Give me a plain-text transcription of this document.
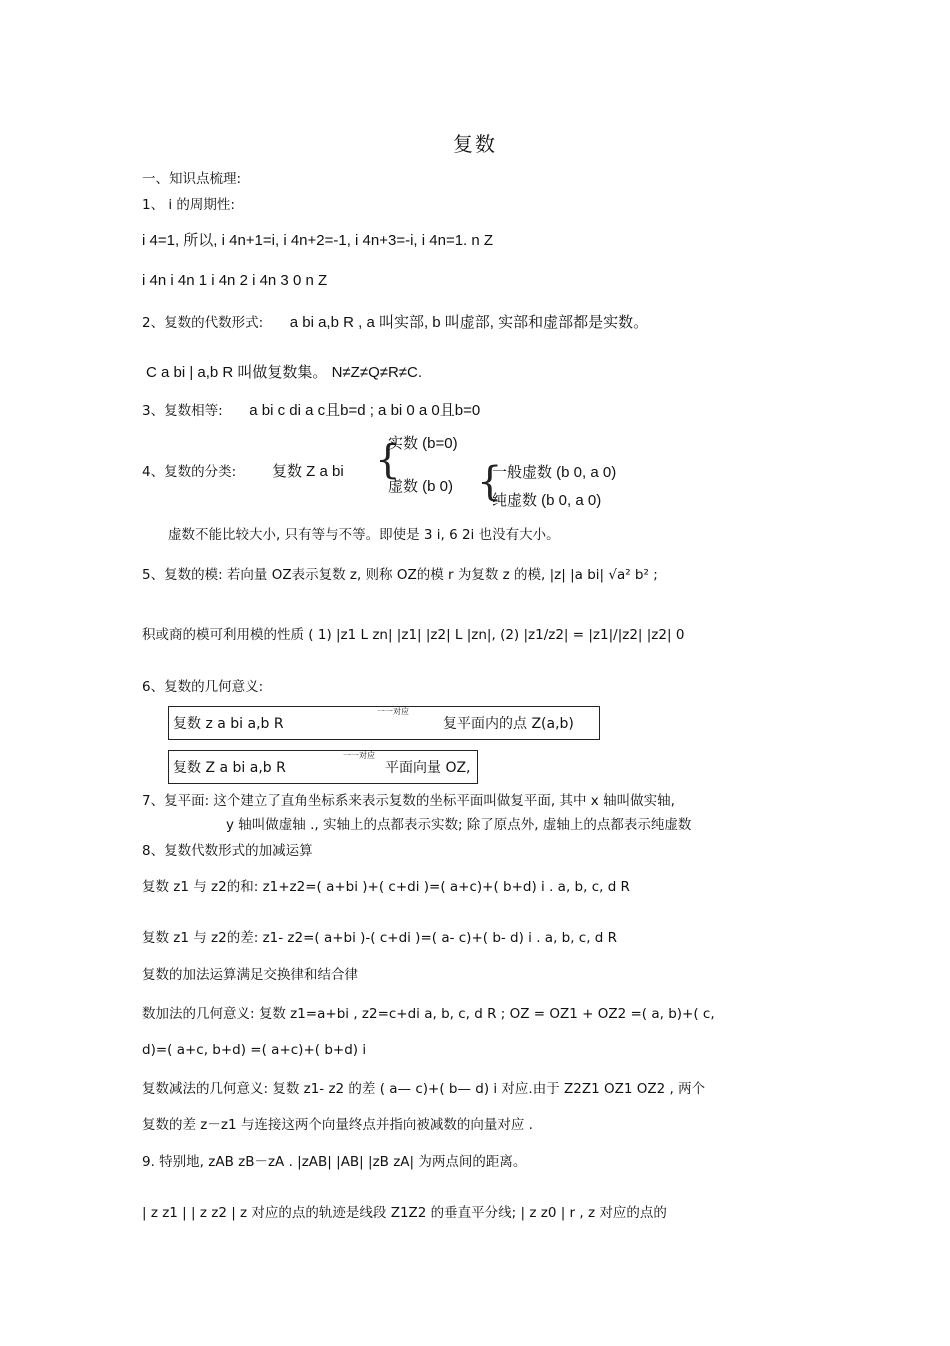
复数
一、知识点梳理:
1、 i 的周期性:
i 4=1, 所以, i 4n+1=i, i 4n+2=-1, i 4n+3=-i, i 4n=1. n Z
i 4n i 4n 1 i 4n 2 i 4n 3 0 n Z
2、复数的代数形式: a bi a,b R , a 叫实部, b 叫虚部, 实部和虚部都是实数。
C a bi | a,b R 叫做复数集。 N≠Z≠Q≠R≠C.
3、复数相等: a bi c di a c且b=d ; a bi 0 a 0且b=0
4、复数的分类: 复数 Z a bi {
实数 (b=0)
虚数 (b 0) {
一般虚数 (b 0, a 0)
纯虚数 (b 0, a 0)
虚数不能比较大小, 只有等与不等。即使是 3 i, 6 2i 也没有大小。
5、复数的模: 若向量 OZ表示复数 z, 则称 OZ的模 r 为复数 z 的模, |z| |a bi| √a² b² ;
积或商的模可利用模的性质 ( 1) |z1 L zn| |z1| |z2| L |zn|, (2) |z1/z2| = |z1|/|z2| |z2| 0
6、复数的几何意义:
复数 z a bi a,b R
一一对应
复平面内的点 Z(a,b)
复数 Z a bi a,b R
一一对应
平面向量 OZ,
7、复平面: 这个建立了直角坐标系来表示复数的坐标平面叫做复平面, 其中 x 轴叫做实轴,
y 轴叫做虚轴 ., 实轴上的点都表示实数; 除了原点外, 虚轴上的点都表示纯虚数
8、复数代数形式的加减运算
复数 z1 与 z2的和: z1+z2=( a+bi )+( c+di )=( a+c)+( b+d) i . a, b, c, d R
复数 z1 与 z2的差: z1- z2=( a+bi )-( c+di )=( a- c)+( b- d) i . a, b, c, d R
复数的加法运算满足交换律和结合律
数加法的几何意义: 复数 z1=a+bi , z2=c+di a, b, c, d R ; OZ = OZ1 + OZ2 =( a, b)+( c,
d)=( a+c, b+d) =( a+c)+( b+d) i
复数减法的几何意义: 复数 z1- z2 的差 ( a— c)+( b— d) i 对应.由于 Z2Z1 OZ1 OZ2 , 两个
复数的差 z－z1 与连接这两个向量终点并指向被减数的向量对应 .
9. 特别地, zAB zB－zA . |zAB| |AB| |zB zA| 为两点间的距离。
| z z1 | | z z2 | z 对应的点的轨迹是线段 Z1Z2 的垂直平分线; | z z0 | r , z 对应的点的
